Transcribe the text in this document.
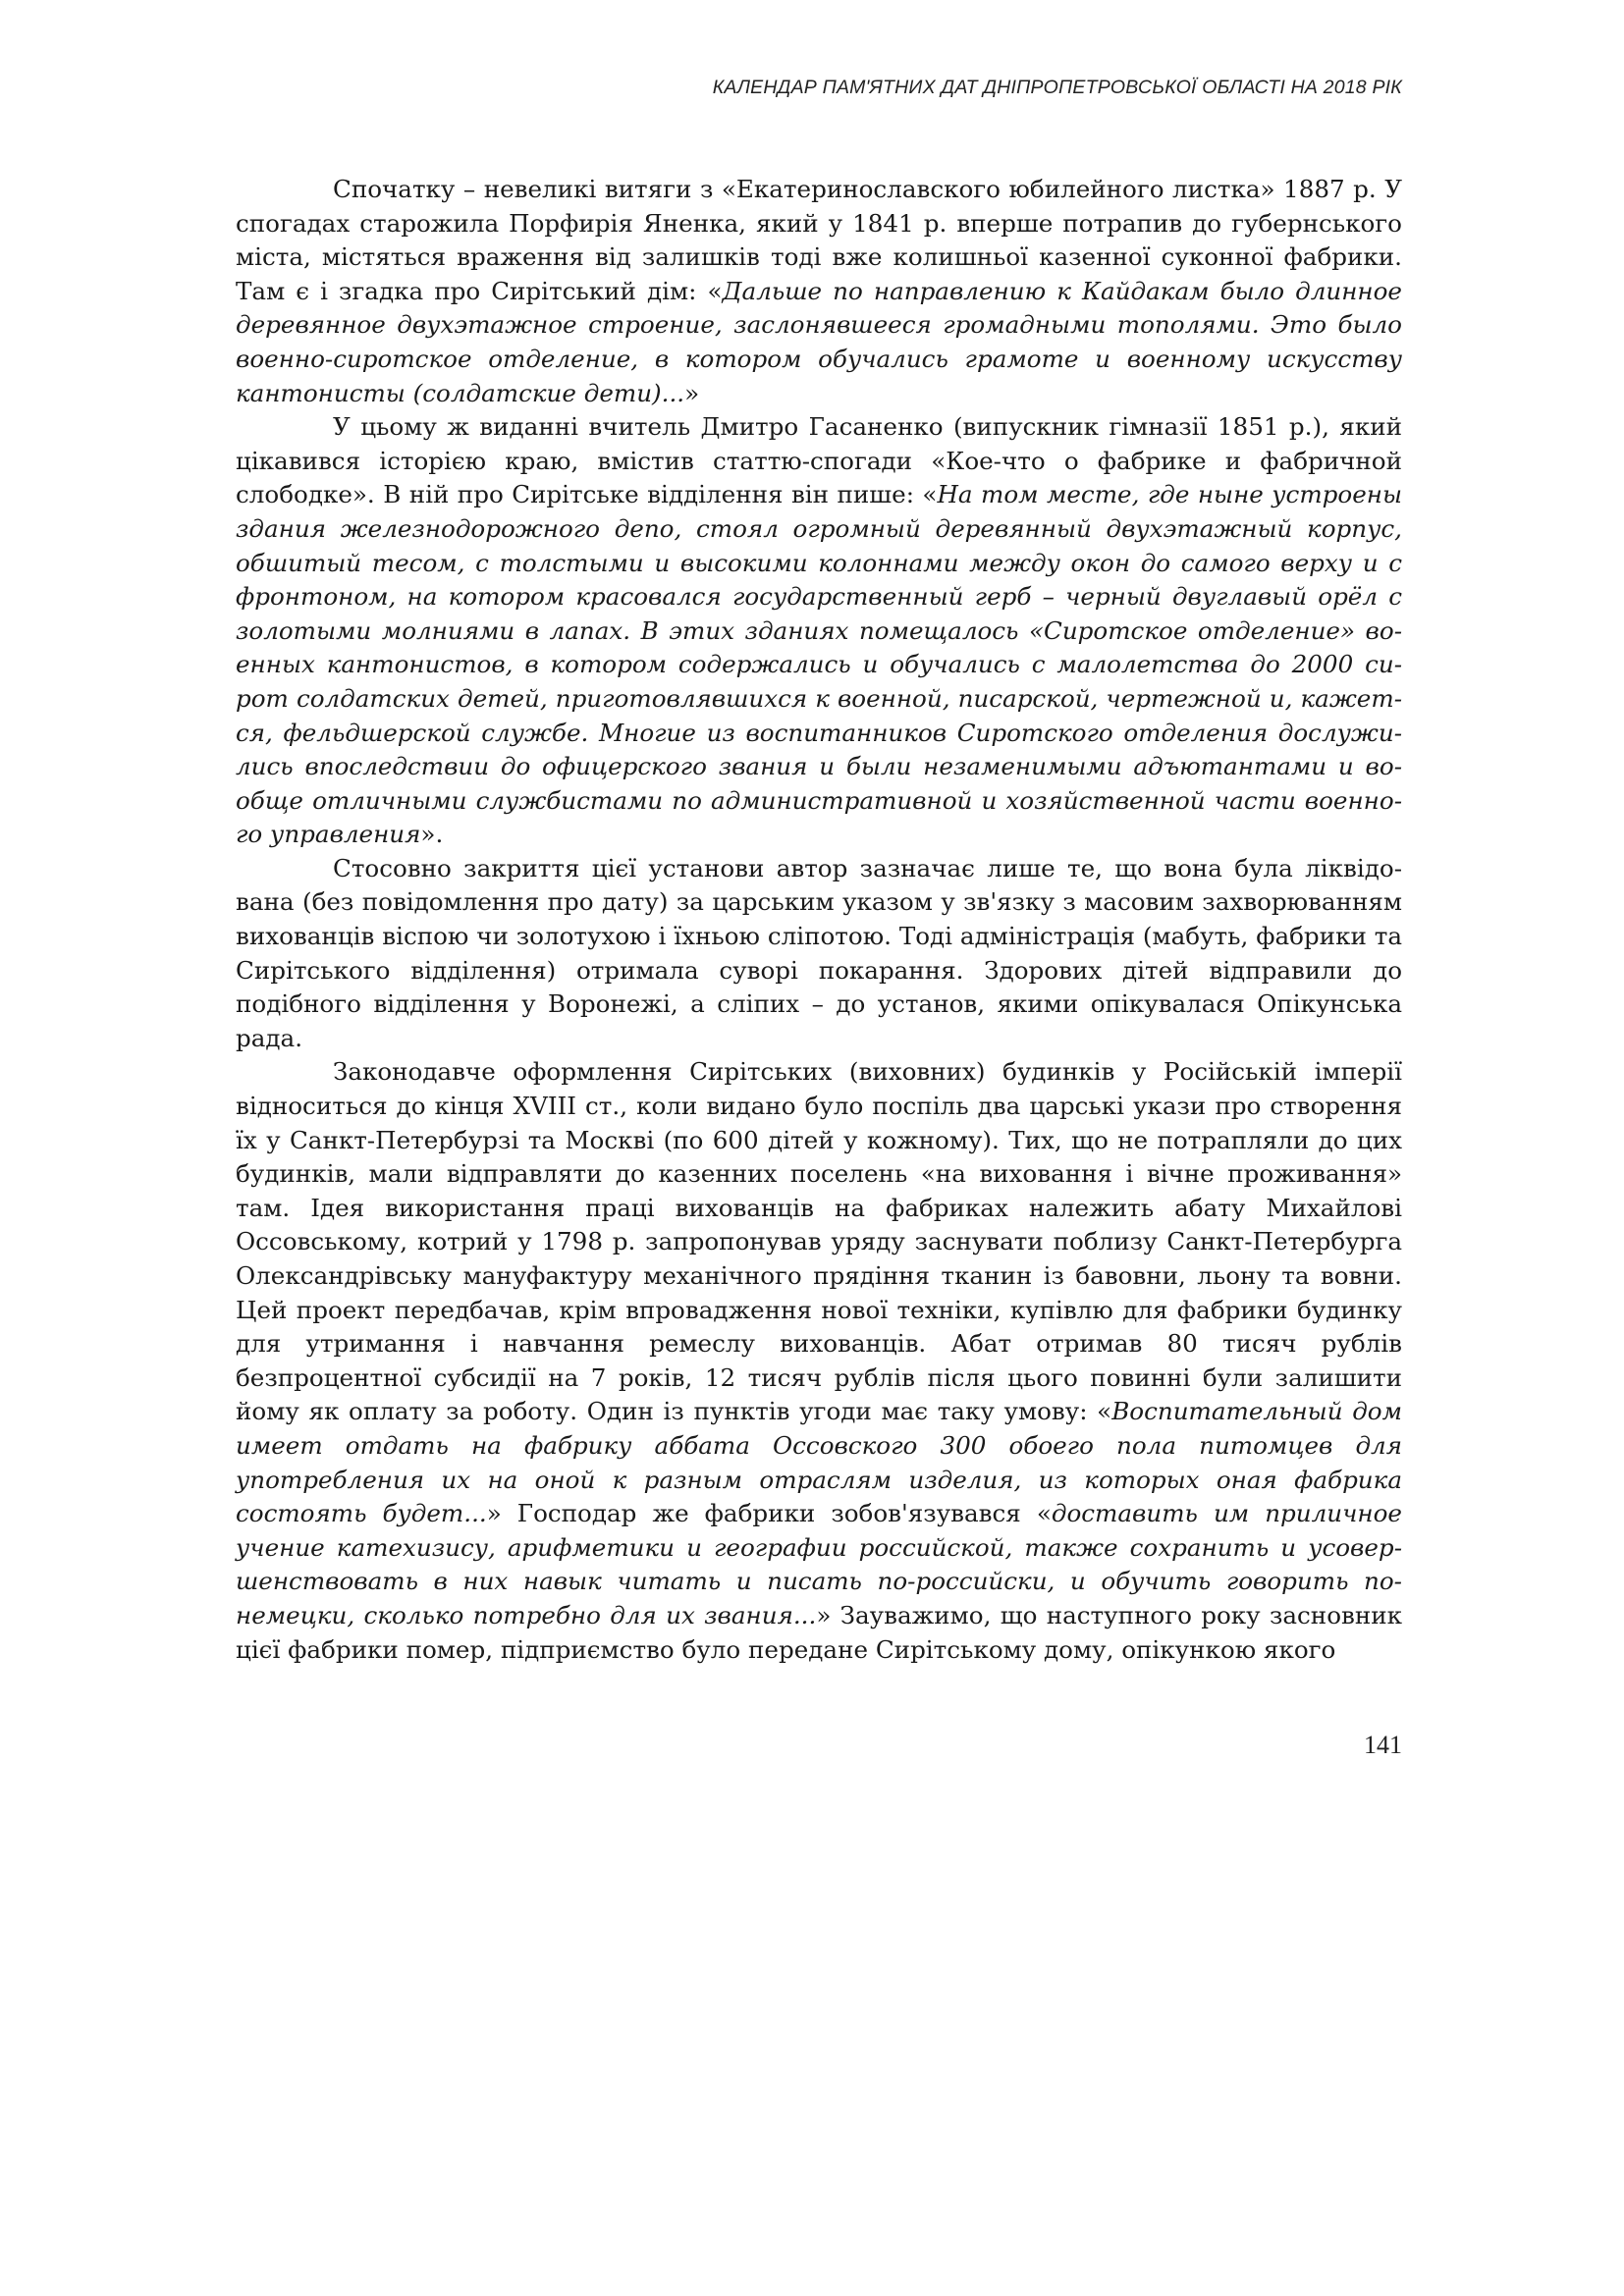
КАЛЕНДАР ПАМ'ЯТНИХ ДАТ ДНІПРОПЕТРОВСЬКОЇ ОБЛАСТІ НА 2018 РІК

Спочатку – невеликі витяги з «Екатеринославского юбилейного листка» 1887 р. У спогадах старожила Порфирія Яненка, який у 1841 р. вперше потрапив до губернського міста, містяться враження від залишків тоді вже колишньої казенної суконної фабрики. Там є і згадка про Сирітський дім: «Дальше по направлению к Кайдакам было длинное деревянное двухэтажное строение, заслонявшееся громадными тополями. Это было военно-сиротское отделение, в котором обучались грамоте и военному искусству кантонисты (солдатские дети)...»

У цьому ж виданні вчитель Дмитро Гасаненко (випускник гімназії 1851 р.), який цікавився історією краю, вмістив статтю-спогади «Кое-что о фабрике и фабричной слободке». В ній про Сирітське відділення він пише: «На том месте, где ныне устроены здания железнодорожного депо, стоял огромный деревянный двухэтажный корпус, обшитый тесом, с толстыми и высокими колоннами между окон до самого верху и с фронтоном, на котором красовался государственный герб – черный двуглавый орёл с золотыми молниями в лапах. В этих зданиях помещалось «Сиротское отделение» военных кантонистов, в котором содержались и обучались с малолетства до 2000 сирот солдатских детей, приготовлявшихся к военной, писарской, чертежной и, кажется, фельдшерской службе. Многие из воспитанников Сиротского отделения дослужились впоследствии до офицерского звания и были незаменимыми адъютантами и вообще отличными службистами по административной и хозяйственной части военного управления».

Стосовно закриття цієї установи автор зазначає лише те, що вона була ліквідована (без повідомлення про дату) за царським указом у зв'язку з масовим захворюванням вихованців віспою чи золотухою і їхньою сліпотою. Тоді адміністрація (мабуть, фабрики та Сирітського відділення) отримала суворі покарання. Здорових дітей відправили до подібного відділення у Воронежі, а сліпих – до установ, якими опікувалася Опікунська рада.

Законодавче оформлення Сирітських (виховних) будинків у Російській імперії відноситься до кінця XVIII ст., коли видано було поспіль два царські укази про створення їх у Санкт-Петербурзі та Москві (по 600 дітей у кожному). Тих, що не потрапляли до цих будинків, мали відправляти до казенних поселень «на виховання і вічне проживання» там. Ідея використання праці вихованців на фабриках належить абату Михайлові Оссовському, котрий у 1798 р. запропонував уряду заснувати поблизу Санкт-Петербурга Олександрівську мануфактуру механічного прядіння тканин із бавовни, льону та вовни. Цей проект передбачав, крім впровадження нової техніки, купівлю для фабрики будинку для утримання і навчання ремеслу вихованців. Абат отримав 80 тисяч рублів безпроцентної субсидії на 7 років, 12 тисяч рублів після цього повинні були залишити йому як оплату за роботу. Один із пунктів угоди має таку умову: «Воспитательный дом имеет отдать на фабрику аббата Оссовского 300 обоего пола питомцев для употребления их на оной к разным отраслям изделия, из которых оная фабрика состоять будет...» Господар же фабрики зобов'язувався «доставить им приличное учение катехизису, арифметики и географии российской, также сохранить и усовершенствовать в них навык читать и писать по-российски, и обучить говорить по-немецки, сколько потребно для их звания...» Зауважимо, що наступного року засновник цієї фабрики помер, підприємство було передане Сирітському дому, опікункою якого

141
